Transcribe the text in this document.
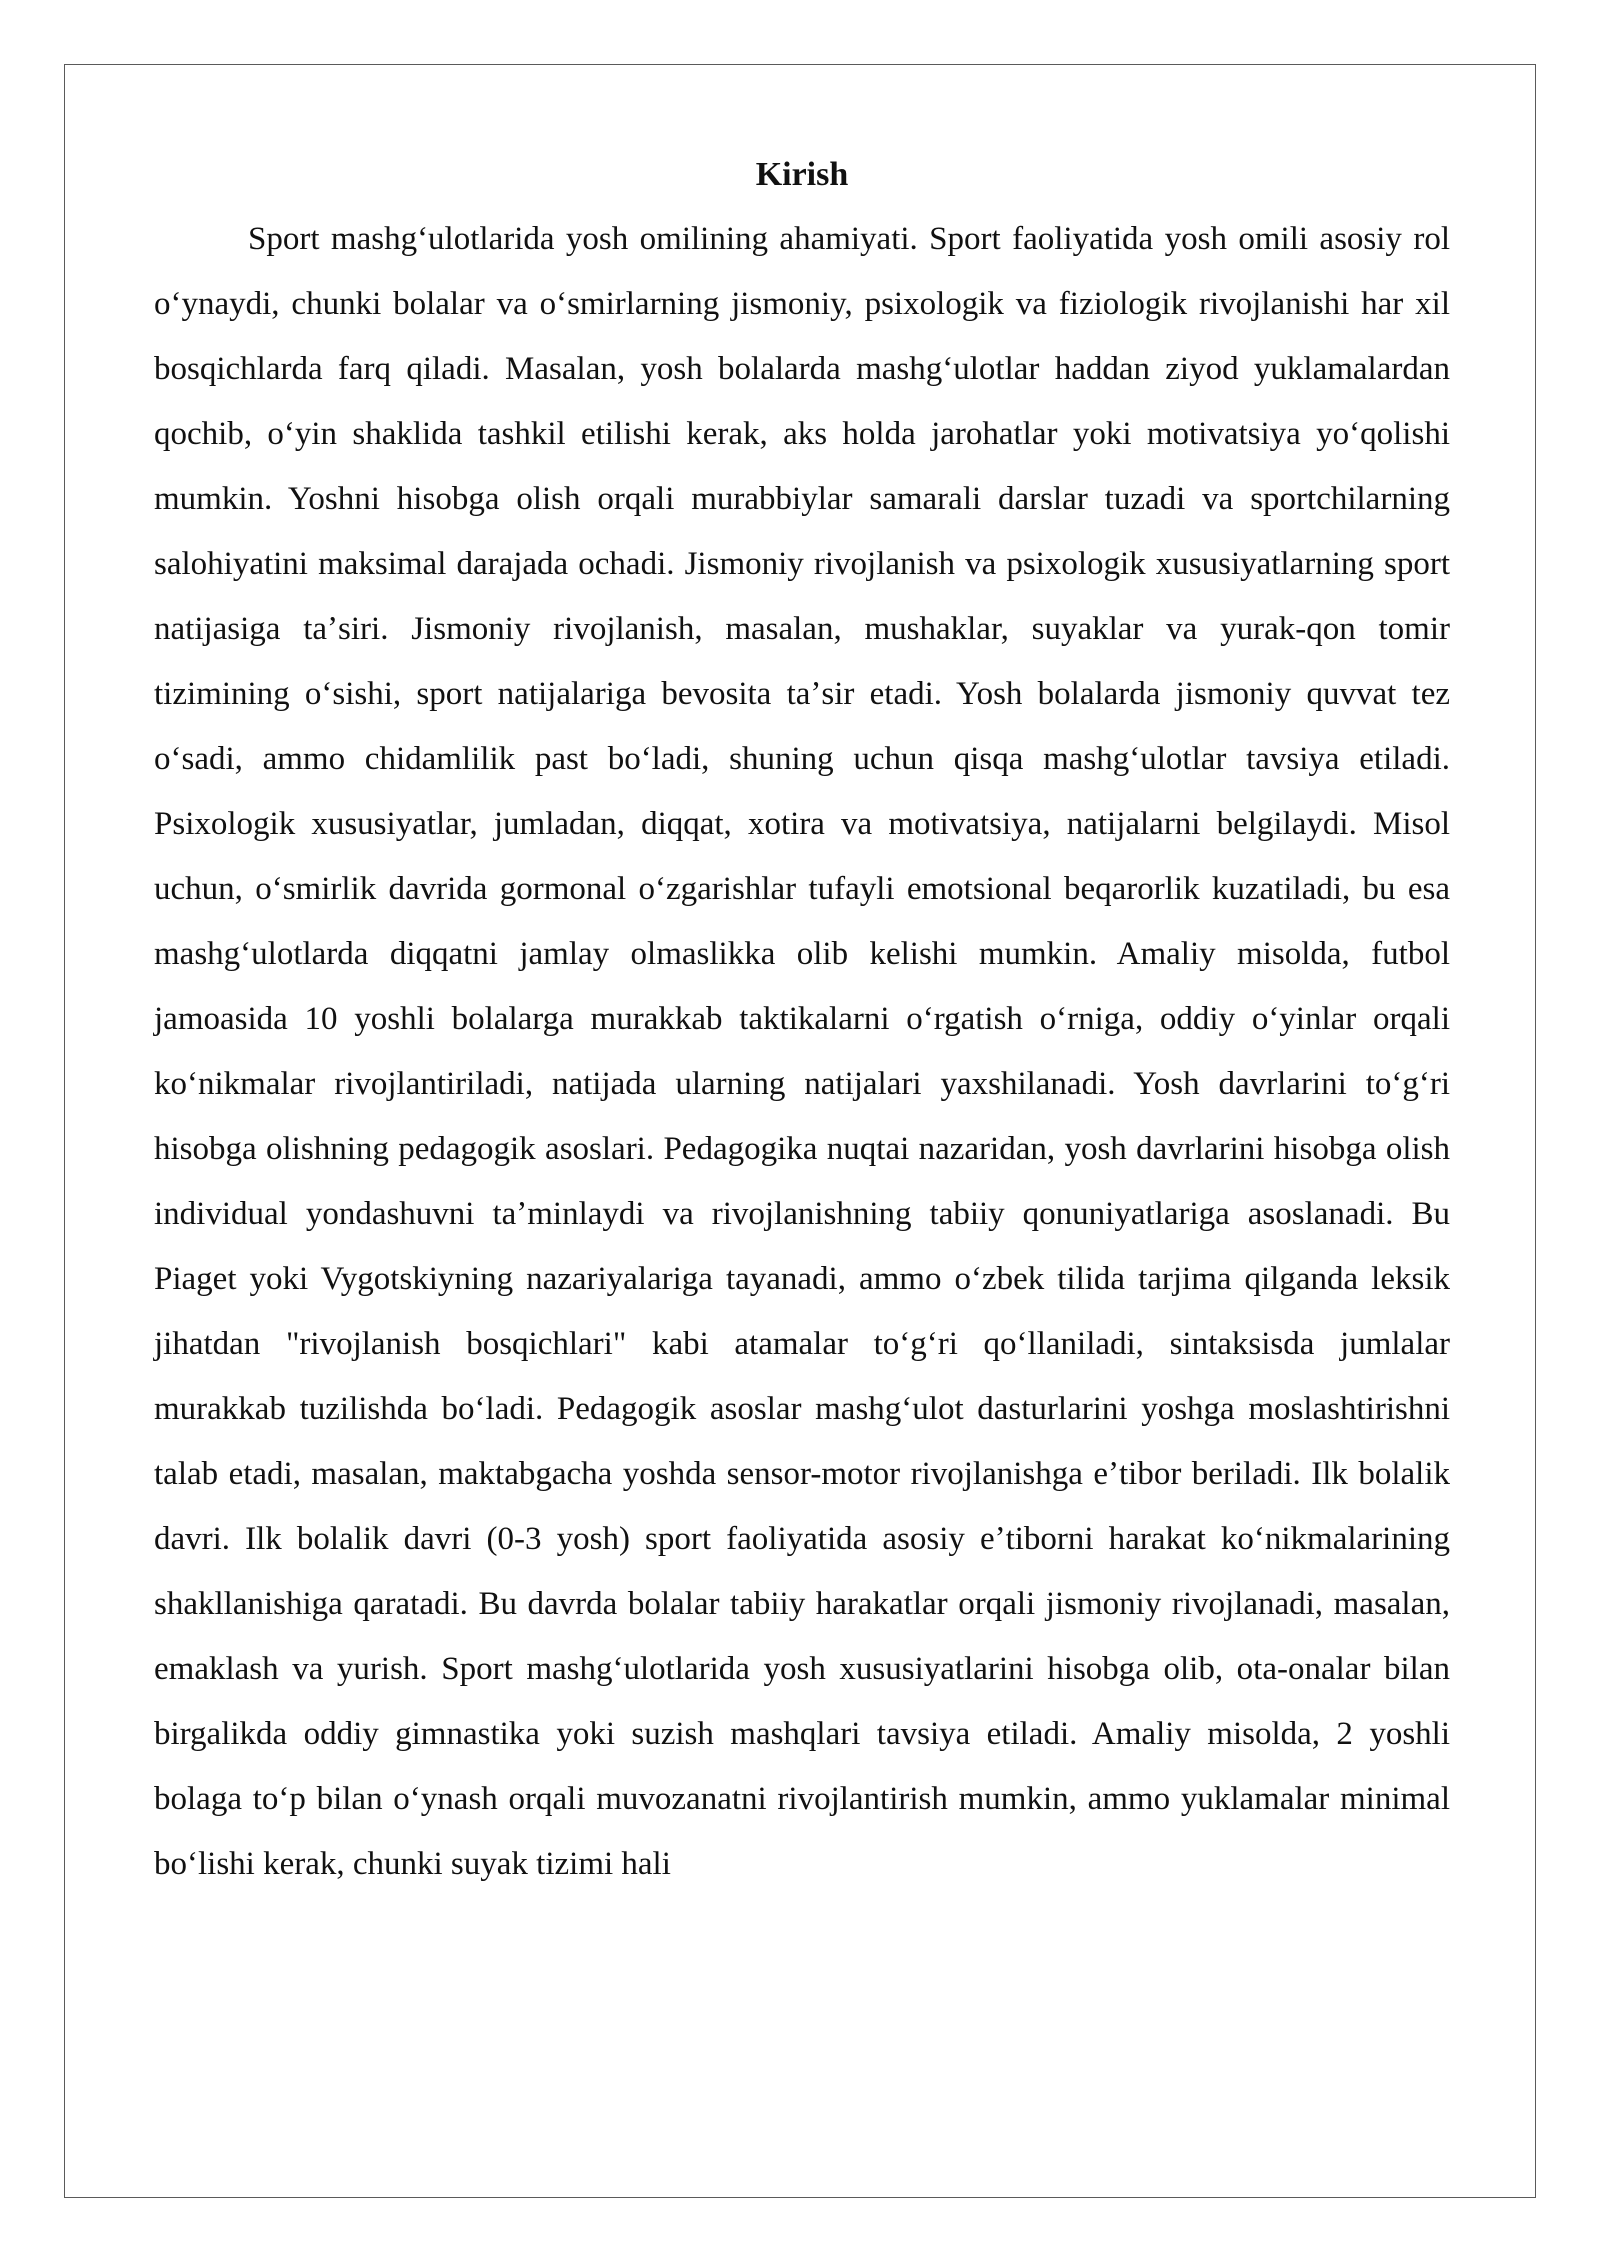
Kirish

Sport mashgʻulotlarida yosh omilining ahamiyati. Sport faoliyatida yosh omili asosiy rol oʻynaydi, chunki bolalar va oʻsmirlarning jismoniy, psixologik va fiziologik rivojlanishi har xil bosqichlarda farq qiladi. Masalan, yosh bolalarda mashgʻulotlar haddan ziyod yuklamalardan qochib, oʻyin shaklida tashkil etilishi kerak, aks holda jarohatlar yoki motivatsiya yoʻqolishi mumkin. Yoshni hisobga olish orqali murabbiylar samarali darslar tuzadi va sportchilarning salohiyatini maksimal darajada ochadi. Jismoniy rivojlanish va psixologik xususiyatlarning sport natijasiga taʼsiri. Jismoniy rivojlanish, masalan, mushaklar, suyaklar va yurak-qon tomir tizimining oʻsishi, sport natijalariga bevosita taʼsir etadi. Yosh bolalarda jismoniy quvvat tez oʻsadi, ammo chidamlilik past boʻladi, shuning uchun qisqa mashgʻulotlar tavsiya etiladi. Psixologik xususiyatlar, jumladan, diqqat, xotira va motivatsiya, natijalarni belgilaydi. Misol uchun, oʻsmirlik davrida gormonal oʻzgarishlar tufayli emotsional beqarorlik kuzatiladi, bu esa mashgʻulotlarda diqqatni jamlay olmaslikka olib kelishi mumkin. Amaliy misolda, futbol jamoasida 10 yoshli bolalarga murakkab taktikalarni oʻrgatish oʻrniga, oddiy oʻyinlar orqali koʻnikmalar rivojlantiriladi, natijada ularning natijalari yaxshilanadi. Yosh davrlarini toʻgʻri hisobga olishning pedagogik asoslari. Pedagogika nuqtai nazaridan, yosh davrlarini hisobga olish individual yondashuvni taʼminlaydi va rivojlanishning tabiiy qonuniyatlariga asoslanadi. Bu Piaget yoki Vygotskiyning nazariyalariga tayanadi, ammo oʻzbek tilida tarjima qilganda leksik jihatdan "rivojlanish bosqichlari" kabi atamalar toʻgʻri qoʻllaniladi, sintaksisda jumlalar murakkab tuzilishda boʻladi. Pedagogik asoslar mashgʻulot dasturlarini yoshga moslashtirishni talab etadi, masalan, maktabgacha yoshda sensor-motor rivojlanishga eʼtibor beriladi. Ilk bolalik davri. Ilk bolalik davri (0-3 yosh) sport faoliyatida asosiy eʼtiborni harakat koʻnikmalarining shakllanishiga qaratadi. Bu davrda bolalar tabiiy harakatlar orqali jismoniy rivojlanadi, masalan, emaklash va yurish. Sport mashgʻulotlarida yosh xususiyatlarini hisobga olib, ota-onalar bilan birgalikda oddiy gimnastika yoki suzish mashqlari tavsiya etiladi. Amaliy misolda, 2 yoshli bolaga toʻp bilan oʻynash orqali muvozanatni rivojlantirish mumkin, ammo yuklamalar minimal boʻlishi kerak, chunki suyak tizimi hali
